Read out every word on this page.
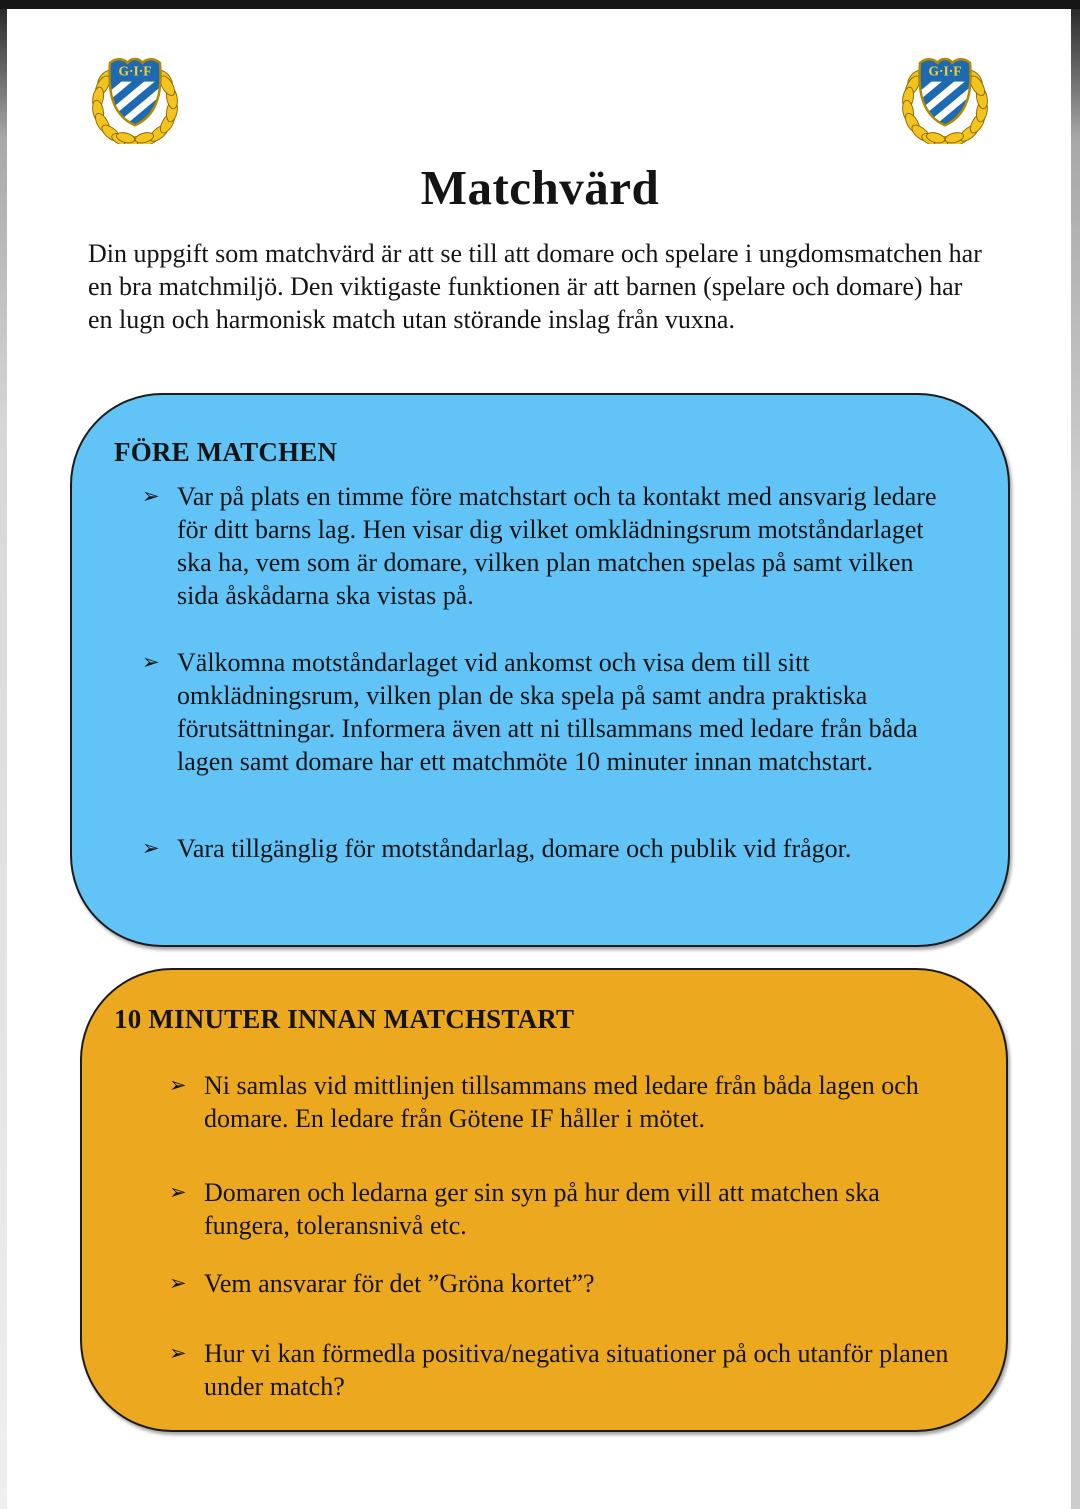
G·I·F
Matchvärd

Din uppgift som matchvärd är att se till att domare och spelare i ungdomsmatchen har en bra matchmiljö. Den viktigaste funktionen är att barnen (spelare och domare) har en lugn och harmonisk match utan störande inslag från vuxna.

FÖRE MATCHEN
➢ Var på plats en timme före matchstart och ta kontakt med ansvarig ledare för ditt barns lag. Hen visar dig vilket omklädningsrum motståndarlaget ska ha, vem som är domare, vilken plan matchen spelas på samt vilken sida åskådarna ska vistas på.
➢ Välkomna motståndarlaget vid ankomst och visa dem till sitt omklädningsrum, vilken plan de ska spela på samt andra praktiska förutsättningar. Informera även att ni tillsammans med ledare från båda lagen samt domare har ett matchmöte 10 minuter innan matchstart.
➢ Vara tillgänglig för motståndarlag, domare och publik vid frågor.
10 MINUTER INNAN MATCHSTART
➢ Ni samlas vid mittlinjen tillsammans med ledare från båda lagen och domare. En ledare från Götene IF håller i mötet.
➢ Domaren och ledarna ger sin syn på hur dem vill att matchen ska fungera, toleransnivå etc.
➢ Vem ansvarar för det ”Gröna kortet”?
➢ Hur vi kan förmedla positiva/negativa situationer på och utanför planen under match?
